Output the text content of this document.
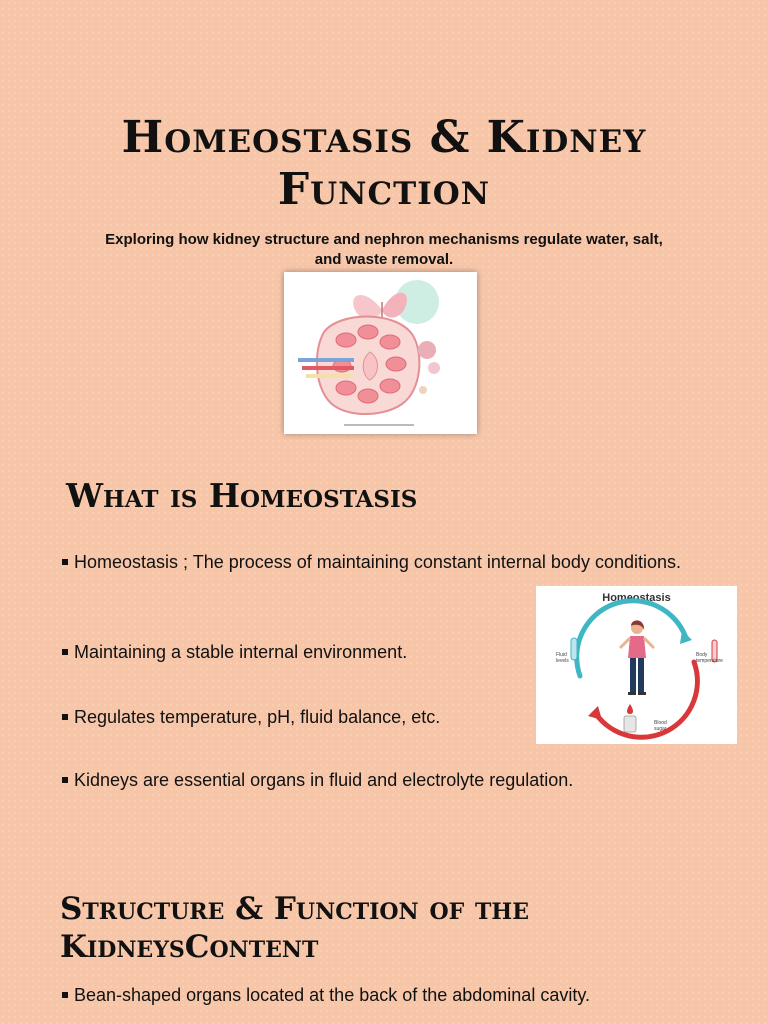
Homeostasis & Kidney
Function

Exploring how kidney structure and nephron mechanisms regulate water, salt, and waste removal.

What is Homeostasis

Homeostasis ; The process of maintaining constant internal body conditions.

Maintaining a stable internal environment.

Regulates temperature, pH, fluid balance, etc.

Kidneys are essential organs in fluid and electrolyte regulation.

Homeostasis
Fluid levels
Body temperature
Blood sugar
Structure & Function of the KidneysContent

Bean-shaped organs located at the back of the abdominal cavity.
